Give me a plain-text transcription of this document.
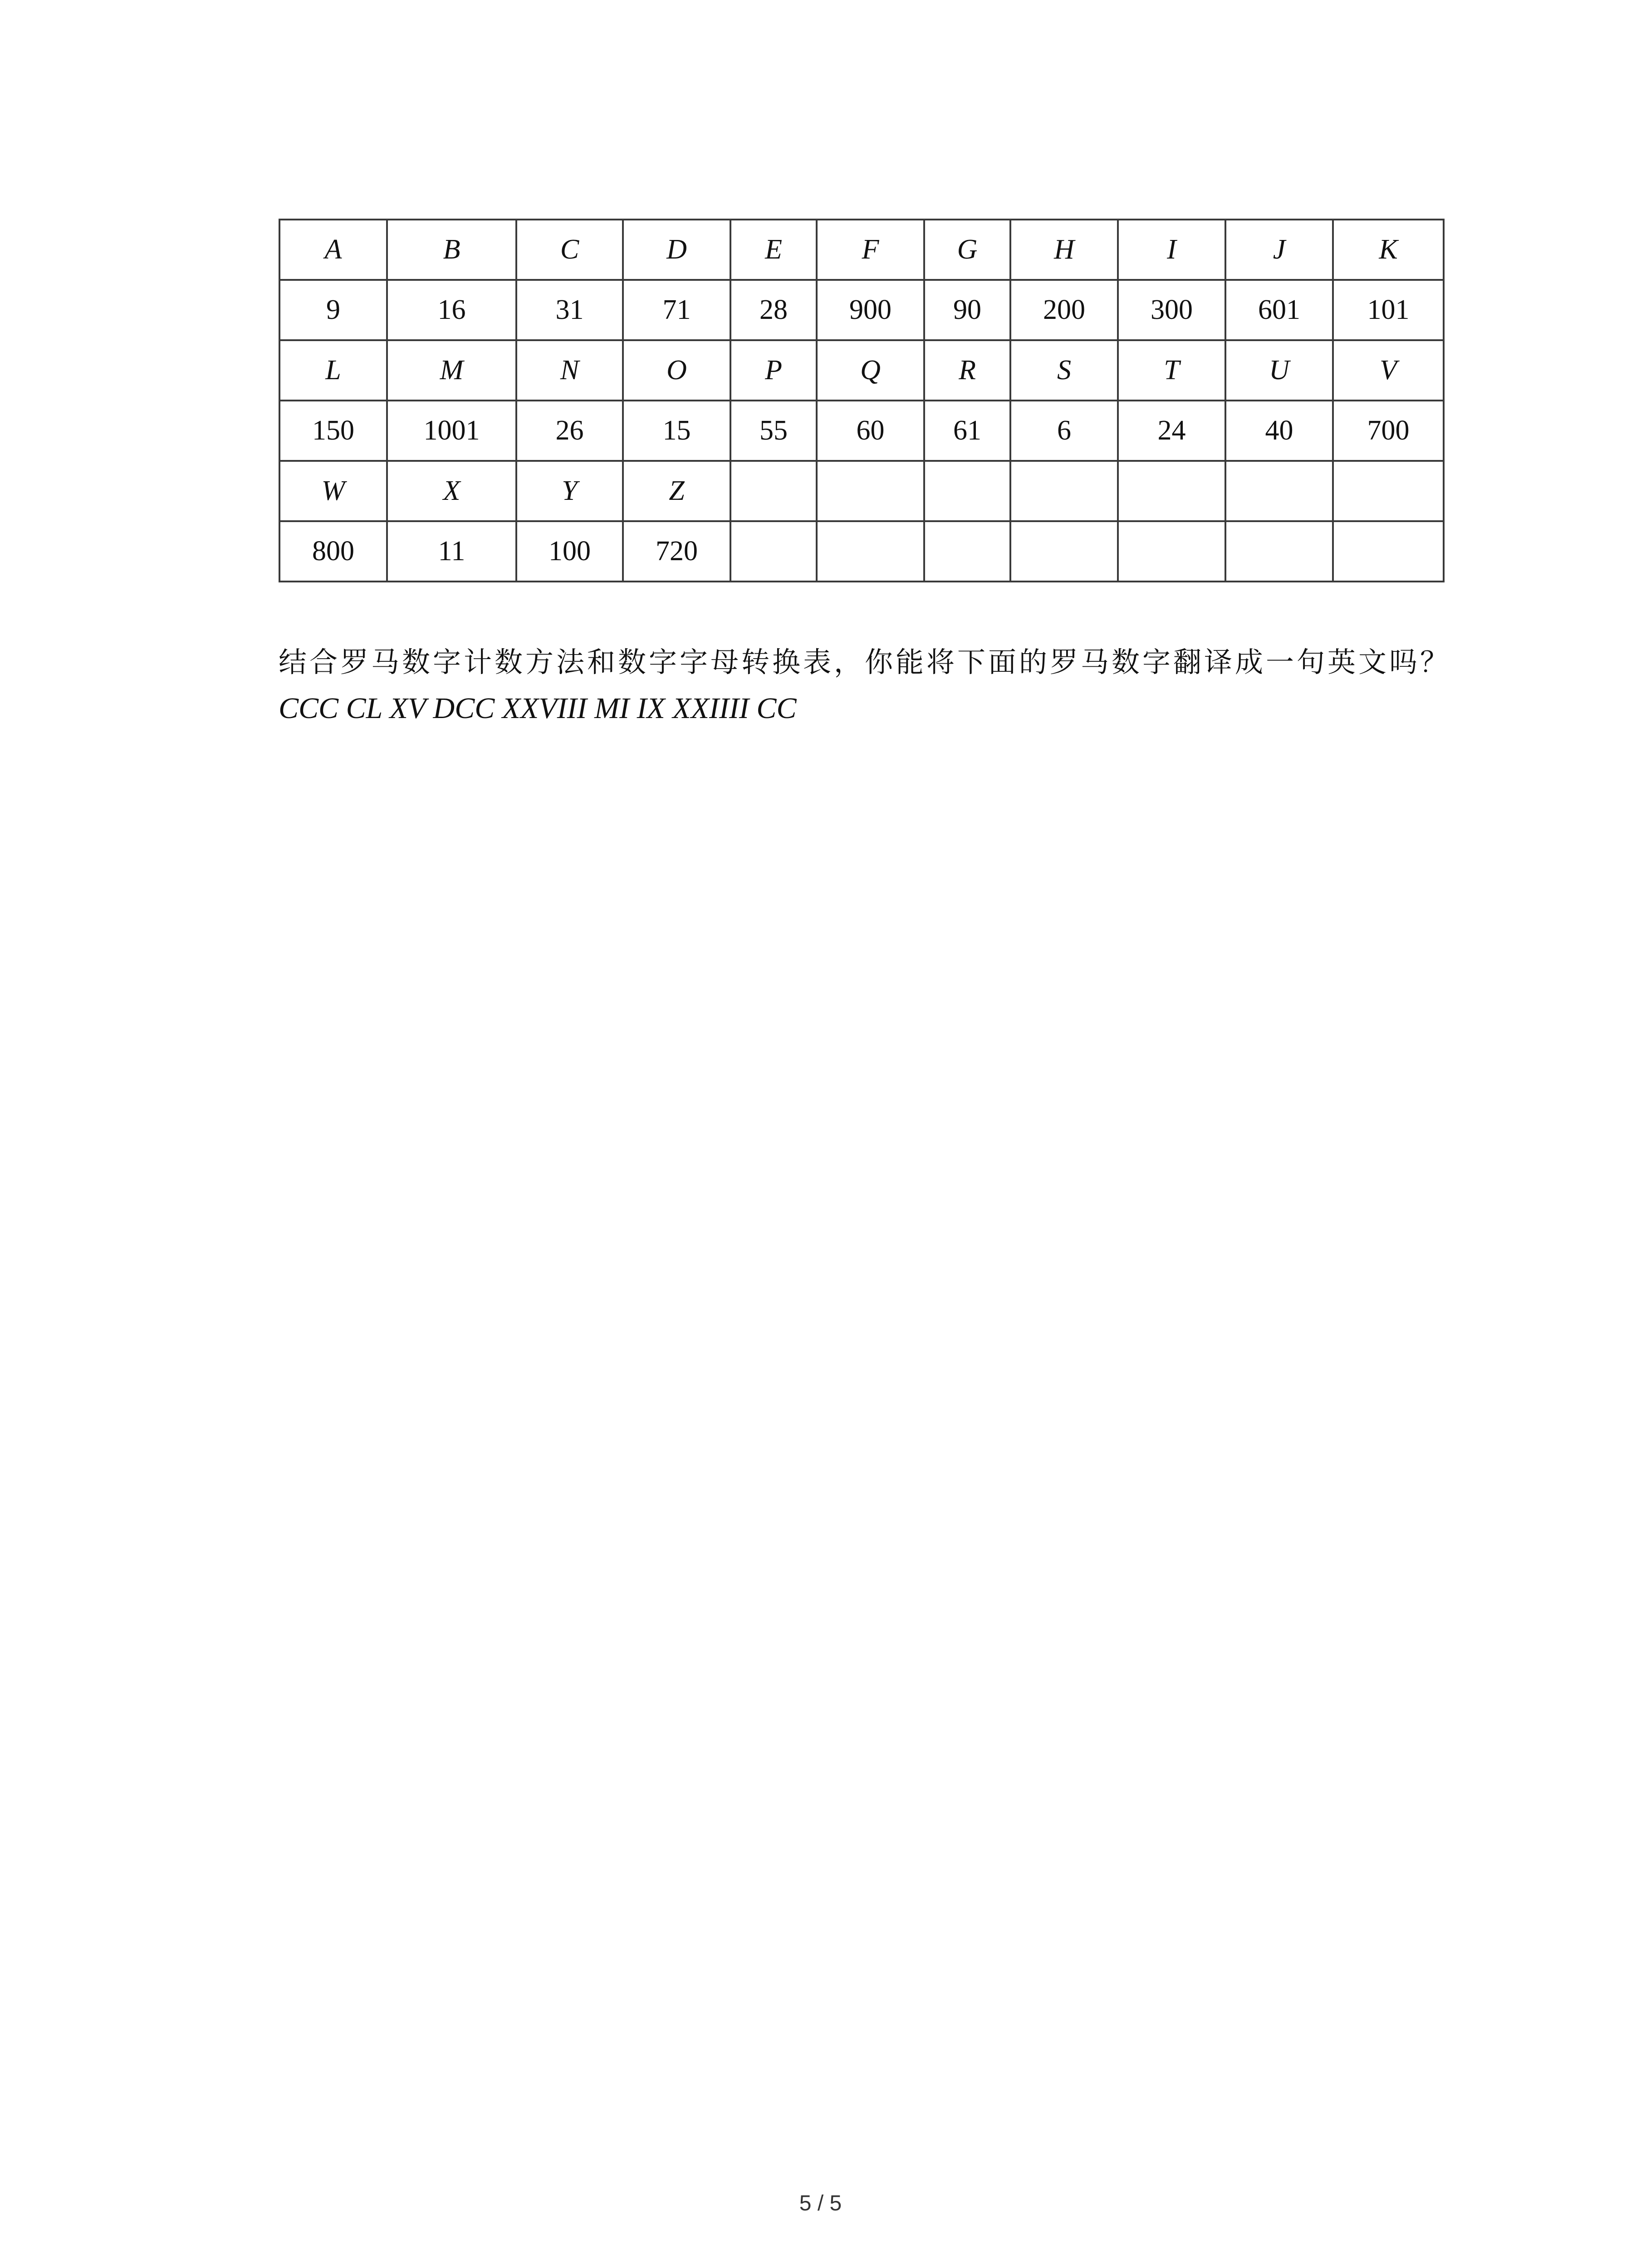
A	B	C	D	E	F	G	H	I	J	K
9	16	31	71	28	900	90	200	300	601	101
L	M	N	O	P	Q	R	S	T	U	V
150	1001	26	15	55	60	61	6	24	40	700
W	X	Y	Z							
800	11	100	720							
结合罗马数字计数方法和数字字母转换表，你能将下面的罗马数字翻译成一句英文吗？
CCC CL XV DCC XXVIII MI IX XXIIII CC
5 / 5
